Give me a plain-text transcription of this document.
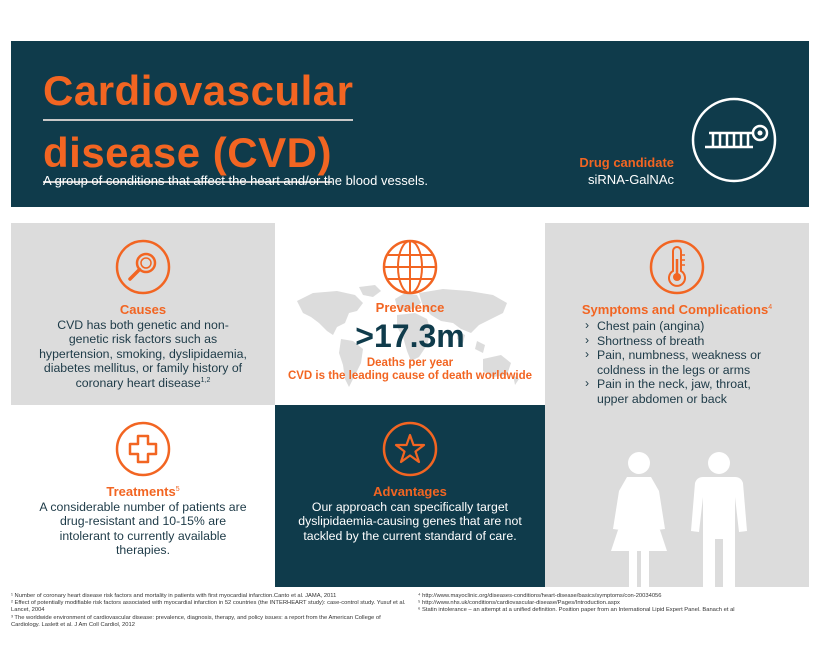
Cardiovascular
disease (CVD)
A group of conditions that affect the heart and/or the blood vessels.
Drug candidate
siRNA-GalNAc
Causes
CVD has both genetic and non-genetic risk factors such as hypertension, smoking, dyslipidaemia, diabetes mellitus, or family history of coronary heart disease$^{1,2}$
Prevalence
>17.3m
Deaths per year
CVD is the leading cause of death worldwide
Symptoms and Complications$^4$
› Chest pain (angina)
› Shortness of breath
› Pain, numbness, weakness or coldness in the legs or arms
› Pain in the neck, jaw, throat, upper abdomen or back
Treatments$^5$
A considerable number of patients are drug-resistant and 10-15% are intolerant to currently available therapies.
Advantages
Our approach can specifically target dyslipidaemia-causing genes that are not tackled by the current standard of care.

¹ Number of coronary heart disease risk factors and mortality in patients with first myocardial infarction.Canto et al. JAMA, 2011

² Effect of potentially modifiable risk factors associated with myocardial infarction in 52 countries (the INTERHEART study): case-control study. Yusuf et al. Lancet, 2004

³ The worldwide environment of cardiovascular disease: prevalence, diagnosis, therapy, and policy issues: a report from the American College of Cardiology. Laslett et al. J Am Coll Cardiol, 2012

⁴ http://www.mayoclinic.org/diseases-conditions/heart-disease/basics/symptoms/con-20034056

⁵ http://www.nhs.uk/conditions/cardiovascular-disease/Pages/Introduction.aspx

⁶ Statin intolerance – an attempt at a unified definition. Position paper from an International Lipid Expert Panel. Banach et al
